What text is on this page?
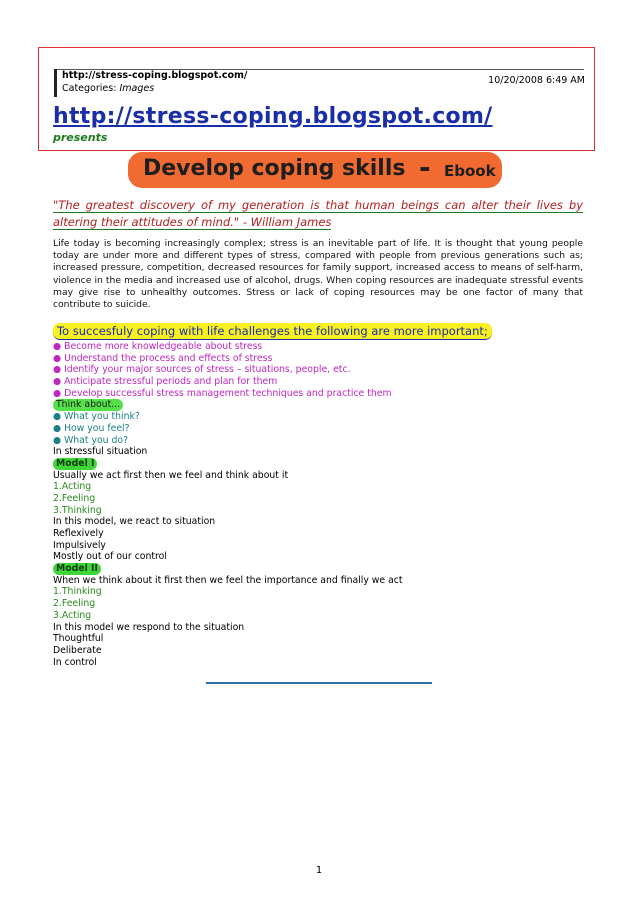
http://stress-coping.blogspot.com/
Categories: Images
10/20/2008 6:49 AM
http://stress-coping.blogspot.com/
presents
Develop coping skills - Ebook
"The greatest discovery of my generation is that human beings can alter their lives by altering their attitudes of mind." - William James
Life today is becoming increasingly complex; stress is an inevitable part of life. It is thought that young people today are under more and different types of stress, compared with people from previous generations such as; increased pressure, competition, decreased resources for family support, increased access to means of self-harm, violence in the media and increased use of alcohol, drugs. When coping resources are inadequate stressful events may give rise to unhealthy outcomes. Stress or lack of coping resources may be one factor of many that contribute to suicide.
To succesfuly coping with life challenges the following are more important;
● Become more knowledgeable about stress
● Understand the process and effects of stress
● Identify your major sources of stress – situations, people, etc.
● Anticipate stressful periods and plan for them
● Develop successful stress management techniques and practice them
Think about...
● What you think?
● How you feel?
● What you do?
In stressful situation
Model I
Usually we act first then we feel and think about it
1.Acting
2.Feeling
3.Thinking
In this model, we react to situation
Reflexively
Impulsively
Mostly out of our control
Model II
When we think about it first then we feel the importance and finally we act
1.Thinking
2.Feeling
3.Acting
In this model we respond to the situation
Thoughtful
Deliberate
In control
1
